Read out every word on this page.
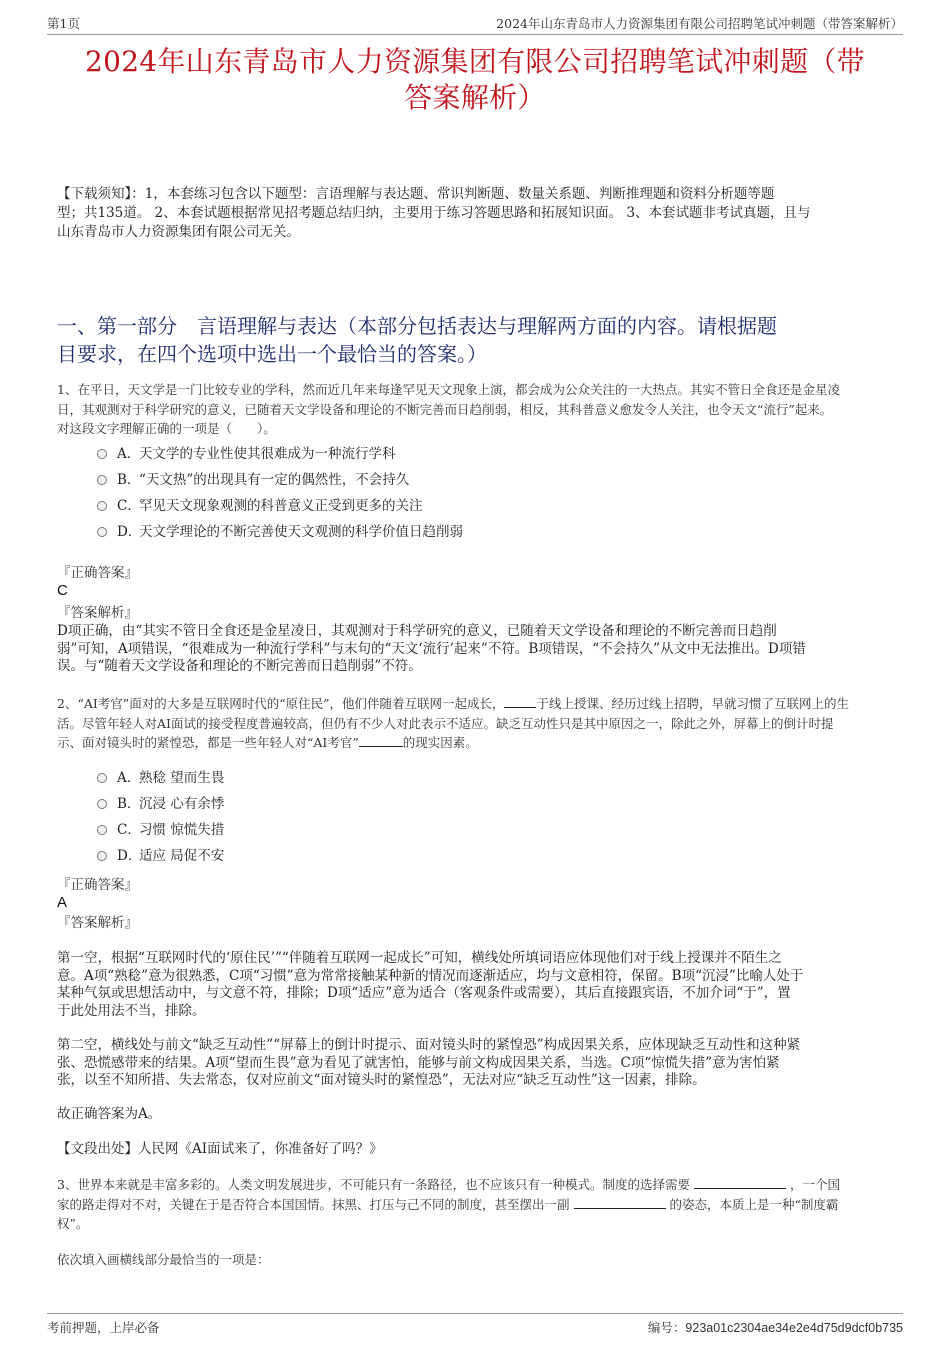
第1页	2024年山东青岛市人力资源集团有限公司招聘笔试冲刺题（带答案解析）
2024年山东青岛市人力资源集团有限公司招聘笔试冲刺题（带
答案解析）
【下载须知】：1，本套练习包含以下题型：言语理解与表达题、常识判断题、数量关系题、判断推理题和资料分析题等题
型；共135道。 2、本套试题根据常见招考题总结归纳，主要用于练习答题思路和拓展知识面。 3、本套试题非考试真题，且与
山东青岛市人力资源集团有限公司无关。
一、第一部分　言语理解与表达（本部分包括表达与理解两方面的内容。请根据题
目要求，在四个选项中选出一个最恰当的答案。）
1、在平日，天文学是一门比较专业的学科，然而近几年来每逢罕见天文现象上演，都会成为公众关注的一大热点。其实不管日全食还是金星凌
日，其观测对于科学研究的意义，已随着天文学设备和理论的不断完善而日趋削弱，相反，其科普意义愈发令人关注，也令天文“流行”起来。
对这段文字理解正确的一项是（　　）。
A．天文学的专业性使其很难成为一种流行学科
B．“天文热”的出现具有一定的偶然性，不会持久
C．罕见天文现象观测的科普意义正受到更多的关注
D．天文学理论的不断完善使天文观测的科学价值日趋削弱
『正确答案』
C
『答案解析』
D项正确，由“其实不管日全食还是金星凌日，其观测对于科学研究的意义，已随着天文学设备和理论的不断完善而日趋削
弱”可知，A项错误，“很难成为一种流行学科”与末句的“天文‘流行’起来”不符。B项错误，“不会持久”从文中无法推出。D项错
误。与“随着天文学设备和理论的不断完善而日趋削弱”不符。
2、“AI考官”面对的大多是互联网时代的“原住民”，他们伴随着互联网一起成长，	于线上授课、经历过线上招聘，早就习惯了互联网上的生
活。尽管年轻人对AI面试的接受程度普遍较高，但仍有不少人对此表示不适应。缺乏互动性只是其中原因之一，除此之外，屏幕上的倒计时提
示、面对镜头时的紧惶恐，都是一些年轻人对“AI考官”	的现实因素。
A．熟稔 望而生畏
B．沉浸 心有余悸
C．习惯 惊慌失措
D．适应 局促不安
『正确答案』
A
『答案解析』
第一空，根据“互联网时代的‘原住民’”“伴随着互联网一起成长”可知，横线处所填词语应体现他们对于线上授课并不陌生之
意。A项“熟稔”意为很熟悉，C项“习惯”意为常常接触某种新的情况而逐渐适应，均与文意相符，保留。B项“沉浸”比喻人处于
某种气氛或思想活动中，与文意不符，排除；D项“适应”意为适合（客观条件或需要），其后直接跟宾语，不加介词“于”，置
于此处用法不当，排除。
第二空，横线处与前文“缺乏互动性”“屏幕上的倒计时提示、面对镜头时的紧惶恐”构成因果关系，应体现缺乏互动性和这种紧
张、恐慌感带来的结果。A项“望而生畏”意为看见了就害怕，能够与前文构成因果关系，当选。C项“惊慌失措”意为害怕紧
张，以至不知所措、失去常态，仅对应前文“面对镜头时的紧惶恐”，无法对应“缺乏互动性”这一因素，排除。
故正确答案为A。
【文段出处】人民网《AI面试来了，你准备好了吗？》
3、世界本来就是丰富多彩的。人类文明发展进步，不可能只有一条路径，也不应该只有一种模式。制度的选择需要	，一个国
家的路走得对不对，关键在于是否符合本国国情。抹黑、打压与己不同的制度，甚至摆出一副	的姿态，本质上是一种“制度霸
权”。
依次填入画横线部分最恰当的一项是：
考前押题，上岸必备	编号：923a01c2304ae34e2e4d75d9dcf0b735
